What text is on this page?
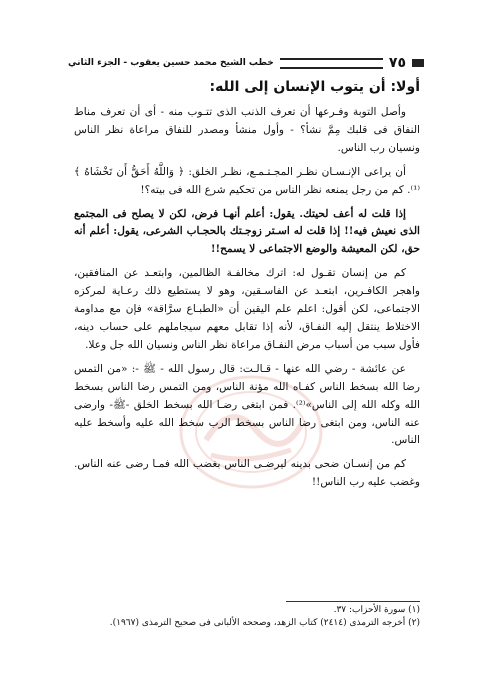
خطب الشيخ محمد حسين يعقوب - الجزء الثاني	٧٥

أولا: أن يتوب الإنسان إلى الله:

وأصل التوبة وفـرعها أن تعرف الذنب الذى تتـوب منه - أى أن تعرف مناط النفاق فى قلبك مِمَّ نشأ؟ - وأول منشأ ومصدر للنفاق مراعاة نظر الناس ونسيان رب الناس.

أن يراعى الإنـسـان نظـر المجـتـمـع، نظـر الخلق: ﴿ وَاللَّهُ أَحَقُّ أَن تَخْشَاهُ ﴾⁽¹⁾. كم من رجل يمنعه نظر الناس من تحكيم شرع الله فى بيته؟!

إذا قلت له أعف لحيتك. يقول: أعلم أنهـا فرض، لكن لا يصلح فى المجتمع الذى نعيش فيه!! إذا قلت له اسـتر زوجـتك بالحجـاب الشرعى، يقول: أعلم أنه حق، لكن المعيشة والوضع الاجتماعى لا يسمح!!

كم من إنسان تقـول له: اترك مخالفـة الظالمين، وابتعـد عن المنافقين، واهجر الكافـرين، ابتعـد عن الفاسـقين، وهو لا يستطيع ذلك رعـاية لمركزه الاجتماعى، لكن أقول: اعلم علم اليقين أن «الطبـاع سرَّاقة» فإن مع مداومة الاختلاط ينتقل إليه النفـاق، لأنه إذا تقابل معهم سيجاملهم على حساب دينه، فأول سبب من أسباب مرض النفـاق مراعاة نظر الناس ونسيان الله جل وعلا.

عن عائشة - رضي الله عنها - قـالـت: قال رسول الله - ﷺ -: «من التمس رضا الله بسخط الناس كفـاه الله مؤنة الناس، ومن التمس رضا الناس بسخط الله وكله الله إلى الناس»⁽²⁾. فمن ابتغى رضـا الله بسخط الخلق -ﷺ- وارضى عنه الناس، ومن ابتغى رضا الناس بسخط الرب سخط الله عليه وأسخط عليه الناس.

كم من إنسـان ضحى بدينه ليرضـى الناس بغضب الله فمـا رضى عنه الناس. وغضب عليه رب الناس!!

(١) سورة الأحزاب: ٣٧.
(٢) أخرجه الترمذى (٢٤١٤) كتاب الزهد، وصححه الألبانى فى صحيح الترمذى (١٩٦٧).
